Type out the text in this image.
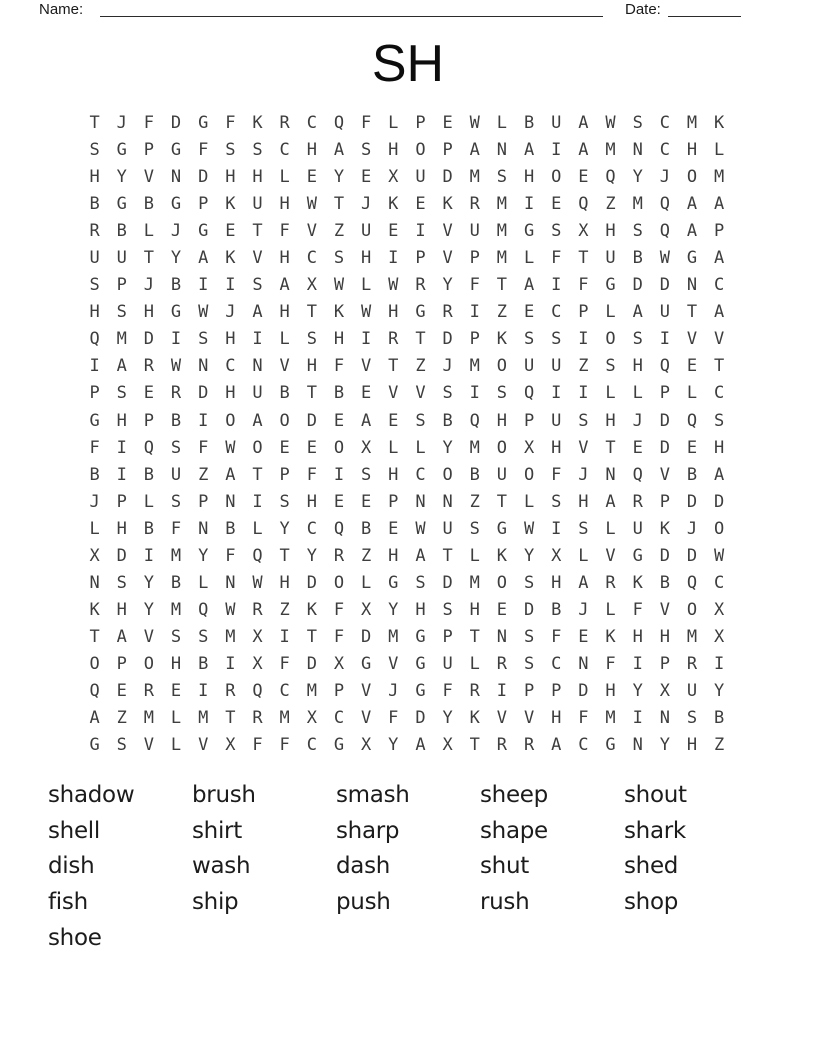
Name:	Date:
SH
T J F D G F K R C Q F L P E W L B U A W S C M K
S G P G F S S C H A S H O P A N A I A M N C H L
H Y V N D H H L E Y E X U D M S H O E Q Y J O M
B G B G P K U H W T J K E K R M I E Q Z M Q A A
R B L J G E T F V Z U E I V U M G S X H S Q A P
U U T Y A K V H C S H I P V P M L F T U B W G A
S P J B I I S A X W L W R Y F T A I F G D D N C
H S H G W J A H T K W H G R I Z E C P L A U T A
Q M D I S H I L S H I R T D P K S S I O S I V V
I A R W N C N V H F V T Z J M O U U Z S H Q E T
P S E R D H U B T B E V V S I S Q I I L L P L C
G H P B I O A O D E A E S B Q H P U S H J D Q S
F I Q S F W O E E O X L L Y M O X H V T E D E H
B I B U Z A T P F I S H C O B U O F J N Q V B A
J P L S P N I S H E E P N N Z T L S H A R P D D
L H B F N B L Y C Q B E W U S G W I S L U K J O
X D I M Y F Q T Y R Z H A T L K Y X L V G D D W
N S Y B L N W H D O L G S D M O S H A R K B Q C
K H Y M Q W R Z K F X Y H S H E D B J L F V O X
T A V S S M X I T F D M G P T N S F E K H H M X
O P O H B I X F D X G V G U L R S C N F I P R I
Q E R E I R Q C M P V J G F R I P P D H Y X U Y
A Z M L M T R M X C V F D Y K V V H F M I N S B
G S V L V X F F C G X Y A X T R R A C G N Y H Z
shadow
shell
dish
fish
shoe
brush
shirt
wash
ship
smash
sharp
dash
push
sheep
shape
shut
rush
shout
shark
shed
shop
